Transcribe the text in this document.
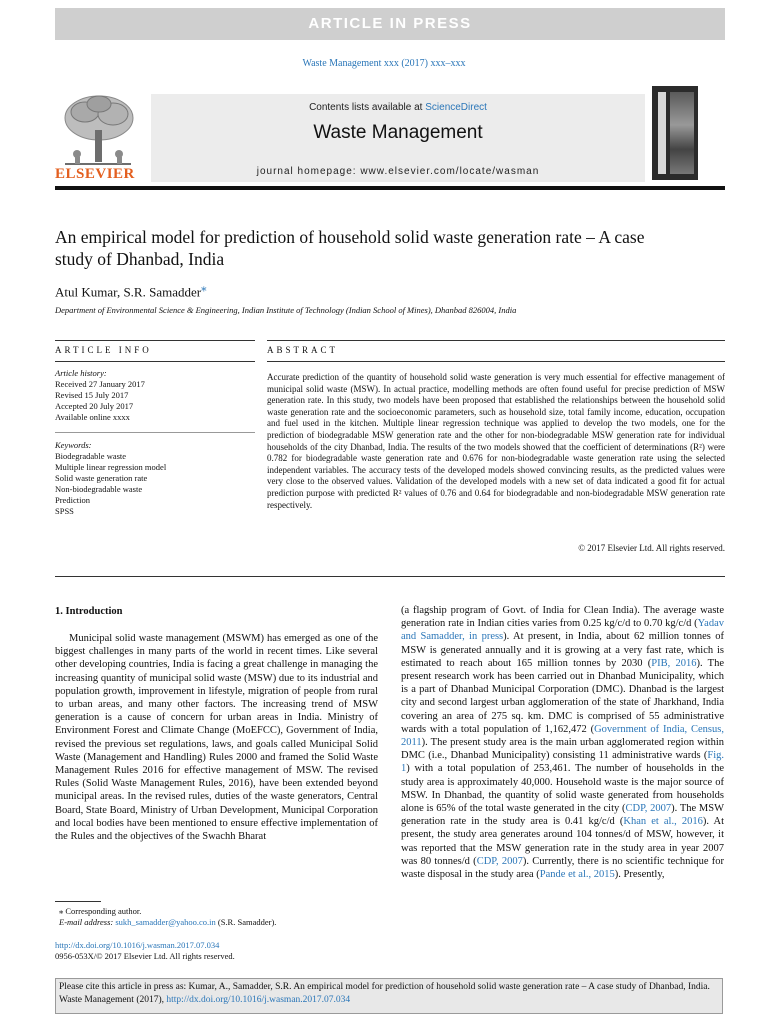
ARTICLE IN PRESS
Waste Management xxx (2017) xxx–xxx
ELSEVIER
Contents lists available at ScienceDirect
Waste Management
journal homepage: www.elsevier.com/locate/wasman
An empirical model for prediction of household solid waste generation rate – A case study of Dhanbad, India
Atul Kumar, S.R. Samadder⁎
Department of Environmental Science & Engineering, Indian Institute of Technology (Indian School of Mines), Dhanbad 826004, India
ARTICLE INFO	ABSTRACT
Article history:
Received 27 January 2017
Revised 15 July 2017
Accepted 20 July 2017
Available online xxxx
Keywords:
Biodegradable waste
Multiple linear regression model
Solid waste generation rate
Non-biodegradable waste
Prediction
SPSS
Accurate prediction of the quantity of household solid waste generation is very much essential for effective management of municipal solid waste (MSW). In actual practice, modelling methods are often found useful for precise prediction of MSW generation rate. In this study, two models have been proposed that established the relationships between the household solid waste generation rate and the socioeconomic parameters, such as household size, total family income, education, occupation and fuel used in the kitchen. Multiple linear regression technique was applied to develop the two models, one for the prediction of biodegradable MSW generation rate and the other for non-biodegradable MSW generation rate for individual households of the city Dhanbad, India. The results of the two models showed that the coefficient of determinations (R²) were 0.782 for biodegradable waste generation rate and 0.676 for non-biodegradable waste generation rate using the selected independent variables. The accuracy tests of the developed models showed convincing results, as the predicted values were very close to the observed values. Validation of the developed models with a new set of data indicated a good fit for actual prediction purpose with predicted R² values of 0.76 and 0.64 for biodegradable and non-biodegradable MSW generation rate respectively.
© 2017 Elsevier Ltd. All rights reserved.
1. Introduction

Municipal solid waste management (MSWM) has emerged as one of the biggest challenges in many parts of the world in recent times. Like several other developing countries, India is facing a great challenge in managing the increasing quantity of municipal solid waste (MSW) due to its industrial and population growth, improvement in lifestyle, migration of people from rural to urban areas, and many other factors. The increasing trend of MSW generation is a cause of concern for urban areas in India. Ministry of Environment Forest and Climate Change (MoEFCC), Government of India, revised the previous set regulations, laws, and goals called Municipal Solid Waste (Management and Handling) Rules 2000 and framed the Solid Waste Management Rules 2016 for effective management of MSW. The revised Rules (Solid Waste Management Rules, 2016), have been extended beyond municipal areas. In the revised rules, duties of the waste generators, Central Board, State Board, Ministry of Urban Development, Municipal Corporation and local bodies have been mentioned to ensure effective implementation of the Rules and the objectives of the Swachh Bharat

(a flagship program of Govt. of India for Clean India). The average waste generation rate in Indian cities varies from 0.25 kg/c/d to 0.70 kg/c/d (Yadav and Samadder, in press). At present, in India, about 62 million tonnes of MSW is generated annually and it is growing at a very fast rate, which is estimated to reach about 165 million tonnes by 2030 (PIB, 2016). The present research work has been carried out in Dhanbad Municipality, which is a part of Dhanbad Municipal Corporation (DMC). Dhanbad is the largest city and second largest urban agglomeration of the state of Jharkhand, India covering an area of 275 sq. km. DMC is comprised of 55 administrative wards with a total population of 1,162,472 (Government of India, Census, 2011). The present study area is the main urban agglomerated region within DMC (i.e., Dhanbad Municipality) consisting 11 administrative wards (Fig. 1) with a total population of 253,461. The number of households in the study area is approximately 40,000. Household waste is the major source of MSW. In Dhanbad, the quantity of solid waste generated from households alone is 65% of the total waste generated in the city (CDP, 2007). The MSW generation rate in the study area is 0.41 kg/c/d (Khan et al., 2016). At present, the study area generates around 104 tonnes/d of MSW, however, it was reported that the MSW generation rate in the study area in year 2007 was 80 tonnes/d (CDP, 2007). Currently, there is no scientific technique for waste disposal in the study area (Pande et al., 2015). Presently,

⁎ Corresponding author.
E-mail address: sukh_samadder@yahoo.co.in (S.R. Samadder).
http://dx.doi.org/10.1016/j.wasman.2017.07.034
0956-053X/© 2017 Elsevier Ltd. All rights reserved.
Please cite this article in press as: Kumar, A., Samadder, S.R. An empirical model for prediction of household solid waste generation rate – A case study of Dhanbad, India. Waste Management (2017), http://dx.doi.org/10.1016/j.wasman.2017.07.034
